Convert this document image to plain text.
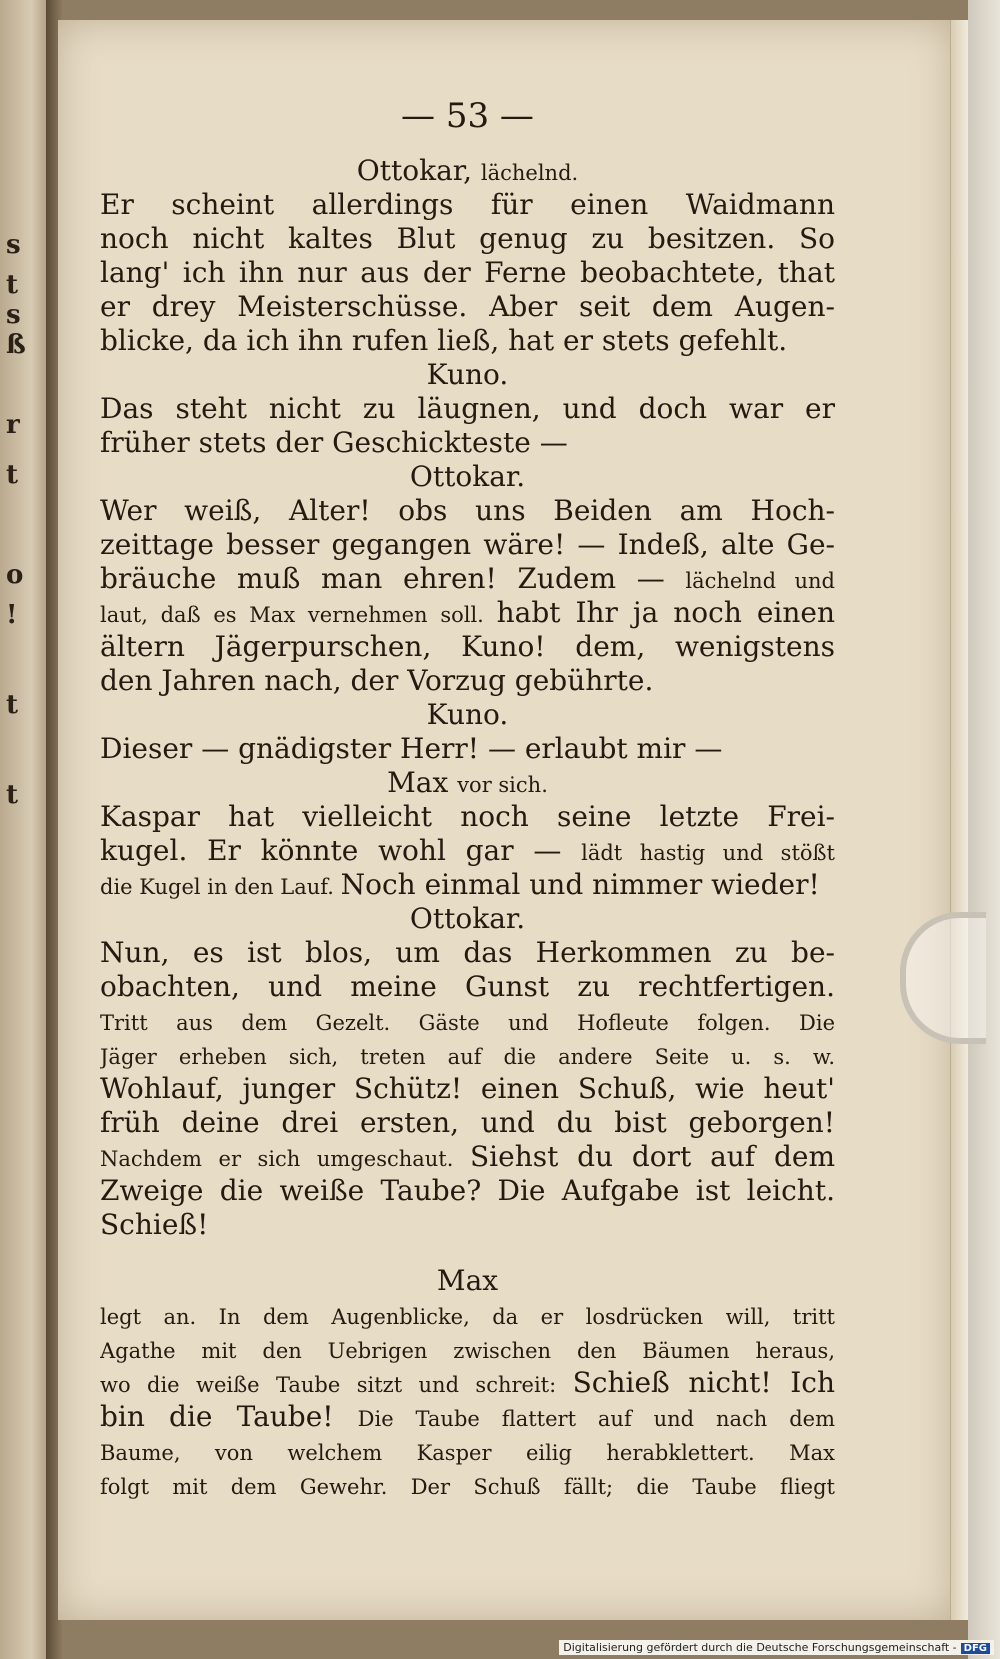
s
t
s
ß
r
t
o
!
t
t
— 53 —
Ottokar, lächelnd.
Er scheint allerdings für einen Waidmann
noch nicht kaltes Blut genug zu besitzen. So
lang' ich ihn nur aus der Ferne beobachtete, that
er drey Meisterschüsse. Aber seit dem Augen-
blicke, da ich ihn rufen ließ, hat er stets gefehlt.
Kuno.
Das steht nicht zu läugnen, und doch war er
früher stets der Geschickteste —
Ottokar.
Wer weiß, Alter! obs uns Beiden am Hoch-
zeittage besser gegangen wäre! — Indeß, alte Ge-
bräuche muß man ehren! Zudem — lächelnd und
laut, daß es Max vernehmen soll. habt Ihr ja noch einen
ältern Jägerpurschen, Kuno! dem, wenigstens
den Jahren nach, der Vorzug gebührte.
Kuno.
Dieser — gnädigster Herr! — erlaubt mir —
Max vor sich.
Kaspar hat vielleicht noch seine letzte Frei-
kugel. Er könnte wohl gar — lädt hastig und stößt
die Kugel in den Lauf. Noch einmal und nimmer wieder!
Ottokar.
Nun, es ist blos, um das Herkommen zu be-
obachten, und meine Gunst zu rechtfertigen.
Tritt aus dem Gezelt. Gäste und Hofleute folgen. Die
Jäger erheben sich, treten auf die andere Seite u. s. w.
Wohlauf, junger Schütz! einen Schuß, wie heut'
früh deine drei ersten, und du bist geborgen!
Nachdem er sich umgeschaut. Siehst du dort auf dem
Zweige die weiße Taube? Die Aufgabe ist leicht.
Schieß!
Max
legt an. In dem Augenblicke, da er losdrücken will, tritt
Agathe mit den Uebrigen zwischen den Bäumen heraus,
wo die weiße Taube sitzt und schreit: Schieß nicht! Ich
bin die Taube! Die Taube flattert auf und nach dem
Baume, von welchem Kasper eilig herabklettert. Max
folgt mit dem Gewehr. Der Schuß fällt; die Taube fliegt
Digitalisierung gefördert durch die Deutsche Forschungsgemeinschaft - DFG
